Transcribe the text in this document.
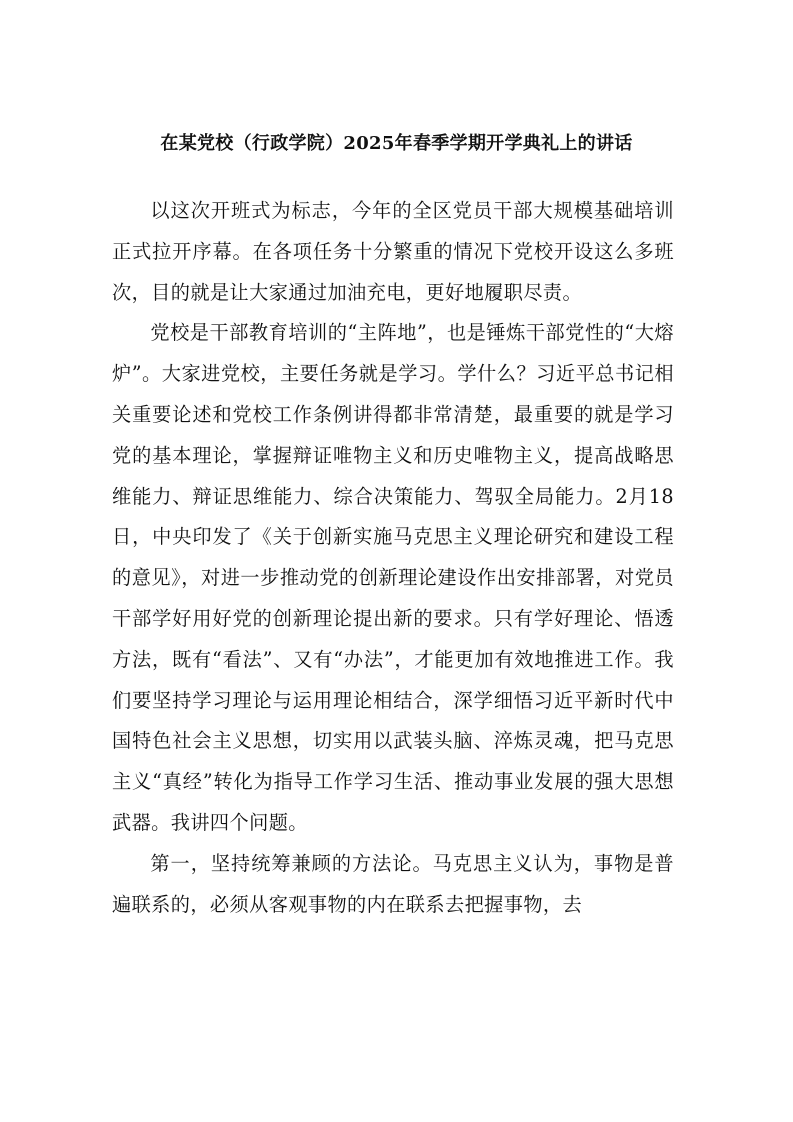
在某党校（行政学院）2025年春季学期开学典礼上的讲话

以这次开班式为标志，今年的全区党员干部大规模基础培训正式拉开序幕。在各项任务十分繁重的情况下党校开设这么多班次，目的就是让大家通过加油充电，更好地履职尽责。

党校是干部教育培训的“主阵地”，也是锤炼干部党性的“大熔炉”。大家进党校，主要任务就是学习。学什么？习近平总书记相关重要论述和党校工作条例讲得都非常清楚，最重要的就是学习党的基本理论，掌握辩证唯物主义和历史唯物主义，提高战略思维能力、辩证思维能力、综合决策能力、驾驭全局能力。2月18日，中央印发了《关于创新实施马克思主义理论研究和建设工程的意见》，对进一步推动党的创新理论建设作出安排部署，对党员干部学好用好党的创新理论提出新的要求。只有学好理论、悟透方法，既有“看法”、又有“办法”，才能更加有效地推进工作。我们要坚持学习理论与运用理论相结合，深学细悟习近平新时代中国特色社会主义思想，切实用以武装头脑、淬炼灵魂，把马克思主义“真经”转化为指导工作学习生活、推动事业发展的强大思想武器。我讲四个问题。

第一，坚持统筹兼顾的方法论。马克思主义认为，事物是普遍联系的，必须从客观事物的内在联系去把握事物，去
